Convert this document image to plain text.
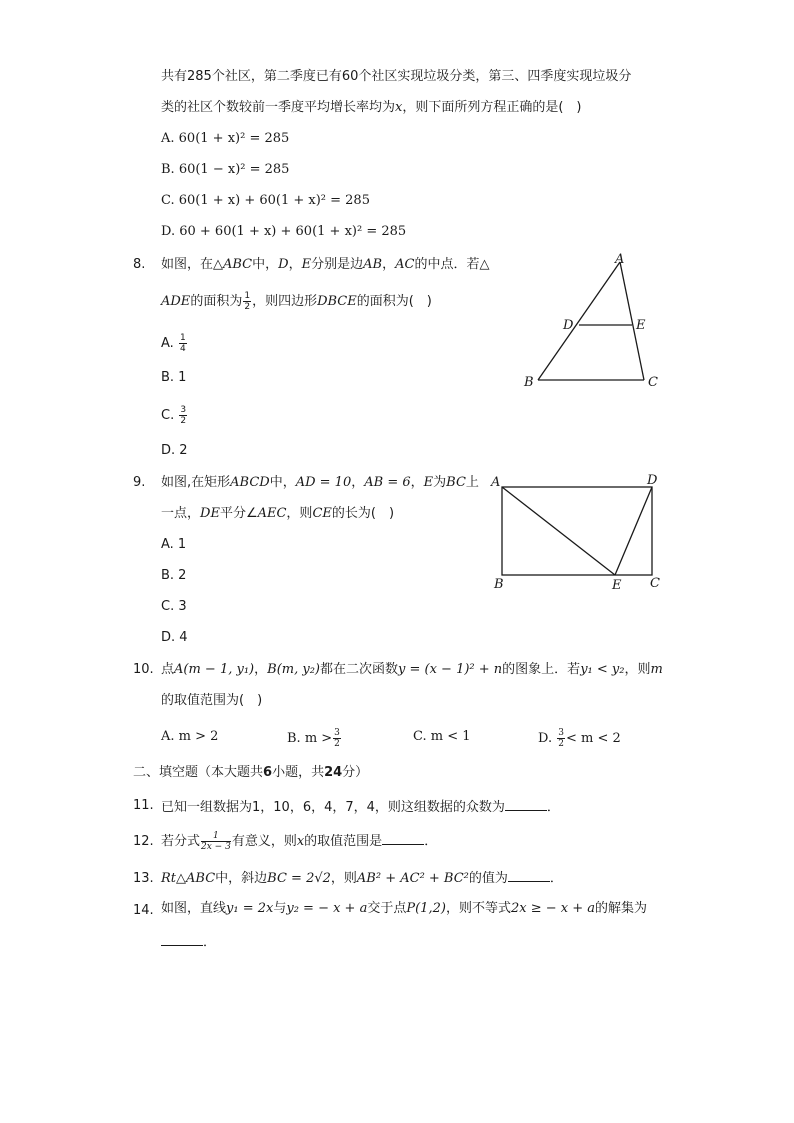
共有285个社区，第二季度已有60个社区实现垃圾分类，第三、四季度实现垃圾分
类的社区个数较前一季度平均增长率均为x，则下面所列方程正确的是(　)
A. 60(1 + x)² = 285
B. 60(1 − x)² = 285
C. 60(1 + x) + 60(1 + x)² = 285
D. 60 + 60(1 + x) + 60(1 + x)² = 285
8. 如图，在△ABC中，D，E分别是边AB，AC的中点．若△
ADE的面积为 $\frac{1}{2}$ ，则四边形DBCE的面积为(　)
A. $\frac{1}{4}$
B. 1
C. $\frac{3}{2}$
D. 2
A
D	E
B	C
9. 如图,在矩形ABCD中，AD = 10，AB = 6，E为BC上
一点，DE平分∠AEC，则CE的长为(　)
A. 1
B. 2
C. 3
D. 4
A	D
B	E C
10. 点A(m − 1, y₁)，B(m, y₂)都在二次函数y = (x − 1)² + n的图象上．若y₁ < y₂，则m
的取值范围为(　)
A. m > 2	B. $m > \frac{3}{2}$	C. m < 1	D. $\frac{3}{2} < m < 2$
二、填空题（本大题共6小题，共24分）
11. 已知一组数据为1，10，6，4，7，4，则这组数据的众数为	．
12. 若分式 $\frac{1}{2x - 3}$ 有意义，则x的取值范围是	．
13. Rt△ABC中，斜边BC = 2√2，则AB² + AC² + BC²的值为	．
14. 如图，直线y₁ = 2x与y₂ = − x + a交于点P(1,2)，则不等式2x ≥ − x + a的解集为
．
